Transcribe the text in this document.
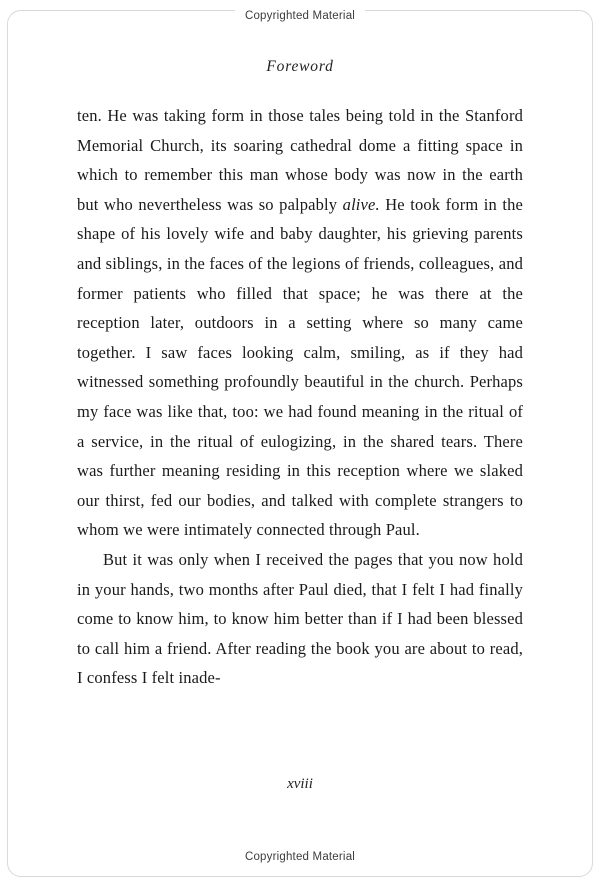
Copyrighted Material
Foreword

ten. He was taking form in those tales being told in the Stanford Memorial Church, its soaring cathedral dome a fitting space in which to remember this man whose body was now in the earth but who nevertheless was so palpably alive. He took form in the shape of his lovely wife and baby daughter, his grieving parents and siblings, in the faces of the legions of friends, colleagues, and former patients who filled that space; he was there at the reception later, outdoors in a setting where so many came together. I saw faces looking calm, smiling, as if they had witnessed something profoundly beautiful in the church. Perhaps my face was like that, too: we had found meaning in the ritual of a service, in the ritual of eulogizing, in the shared tears. There was further meaning residing in this reception where we slaked our thirst, fed our bodies, and talked with complete strangers to whom we were intimately connected through Paul.

But it was only when I received the pages that you now hold in your hands, two months after Paul died, that I felt I had finally come to know him, to know him better than if I had been blessed to call him a friend. After reading the book you are about to read, I confess I felt inade-

xviii
Copyrighted Material
